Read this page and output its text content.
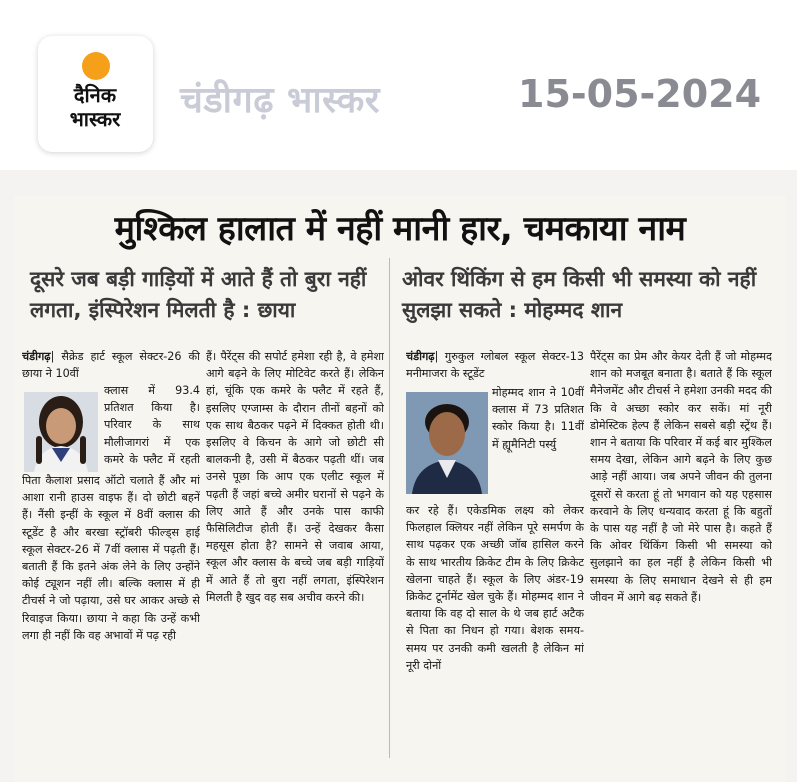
दैनिक
भास्कर	चंडीगढ़ भास्कर	15-05-2024
मुश्किल हालात में नहीं मानी हार, चमकाया नाम
दूसरे जब बड़ी गाड़ियों में आते हैं तो बुरा नहीं लगता, इंस्पिरेशन मिलती है : छाया
चंडीगढ़| सैक्रेड हार्ट स्कूल सेक्टर-26 की छाया ने 10वीं
क्लास में 93.4 प्रतिशत किया है। परिवार के साथ मौलीजागरां में एक कमरे के फ्लैट में रहती
पिता कैलाश प्रसाद ऑटो चलाते हैं और मां आशा रानी हाउस वाइफ हैं। दो छोटी बहनें हैं। नैंसी इन्हीं के स्कूल में 8वीं क्लास की स्टूडेंट है और बरखा स्ट्रॉबरी फील्ड्स हाई स्कूल सेक्टर-26 में 7वीं क्लास में पढ़ती हैं। बताती हैं कि इतने अंक लेने के लिए उन्होंने कोई ट्यूशन नहीं ली। बल्कि क्लास में ही टीचर्स ने जो पढ़ाया, उसे घर आकर अच्छे से रिवाइज किया। छाया ने कहा कि उन्हें कभी लगा ही नहीं कि वह अभावों में पढ़ रही
हैं। पैरेंट्स की सपोर्ट हमेशा रही है, वे हमेशा आगे बढ़ने के लिए मोटिवेट करते हैं। लेकिन हां, चूंकि एक कमरे के फ्लैट में रहते हैं, इसलिए एग्जाम्स के दौरान तीनों बहनों को एक साथ बैठकर पढ़ने में दिक्कत होती थी। इसलिए वे किचन के आगे जो छोटी सी बालकनी है, उसी में बैठकर पढ़ती थीं। जब उनसे पूछा कि आप एक एलीट स्कूल में पढ़ती हैं जहां बच्चे अमीर घरानों से पढ़ने के लिए आते हैं और उनके पास काफी फैसिलिटीज होती हैं। उन्हें देखकर कैसा महसूस होता है? सामने से जवाब आया, स्कूल और क्लास के बच्चे जब बड़ी गाड़ियों में आते हैं तो बुरा नहीं लगता, इंस्पिरेशन मिलती है खुद वह सब अचीव करने की।
ओवर थिंकिंग से हम किसी भी समस्या को नहीं सुलझा सकते : मोहम्मद शान
चंडीगढ़| गुरुकुल ग्लोबल स्कूल सेक्टर-13 मनीमाजरा के स्टूडेंट
मोहम्मद शान ने 10वीं क्लास में 73 प्रतिशत स्कोर किया है। 11वीं में ह्यूमैनिटी पर्स्यु
कर रहे हैं। एकेडमिक लक्ष्य को लेकर फिलहाल क्लियर नहीं लेकिन पूरे समर्पण के साथ पढ़कर एक अच्छी जॉब हासिल करने के साथ भारतीय क्रिकेट टीम के लिए क्रिकेट खेलना चाहते हैं। स्कूल के लिए अंडर-19 क्रिकेट टूर्नामेंट खेल चुके हैं। मोहम्मद शान ने बताया कि वह दो साल के थे जब हार्ट अटैक से पिता का निधन हो गया। बेशक समय-समय पर उनकी कमी खलती है लेकिन मां नूरी दोनों
पैरेंट्स का प्रेम और केयर देती हैं जो मोहम्मद शान को मजबूत बनाता है। बताते हैं कि स्कूल मैनेजमेंट और टीचर्स ने हमेशा उनकी मदद की कि वे अच्छा स्कोर कर सकें। मां नूरी डोमेस्टिक हेल्प हैं लेकिन सबसे बड़ी स्ट्रेंथ हैं। शान ने बताया कि परिवार में कई बार मुश्किल समय देखा, लेकिन आगे बढ़ने के लिए कुछ आड़े नहीं आया। जब अपने जीवन की तुलना दूसरों से करता हूं तो भगवान को यह एहसास करवाने के लिए धन्यवाद करता हूं कि बहुतों के पास यह नहीं है जो मेरे पास है। कहते हैं कि ओवर थिंकिंग किसी भी समस्या को सुलझाने का हल नहीं है लेकिन किसी भी समस्या के लिए समाधान देखने से ही हम जीवन में आगे बढ़ सकते हैं।
